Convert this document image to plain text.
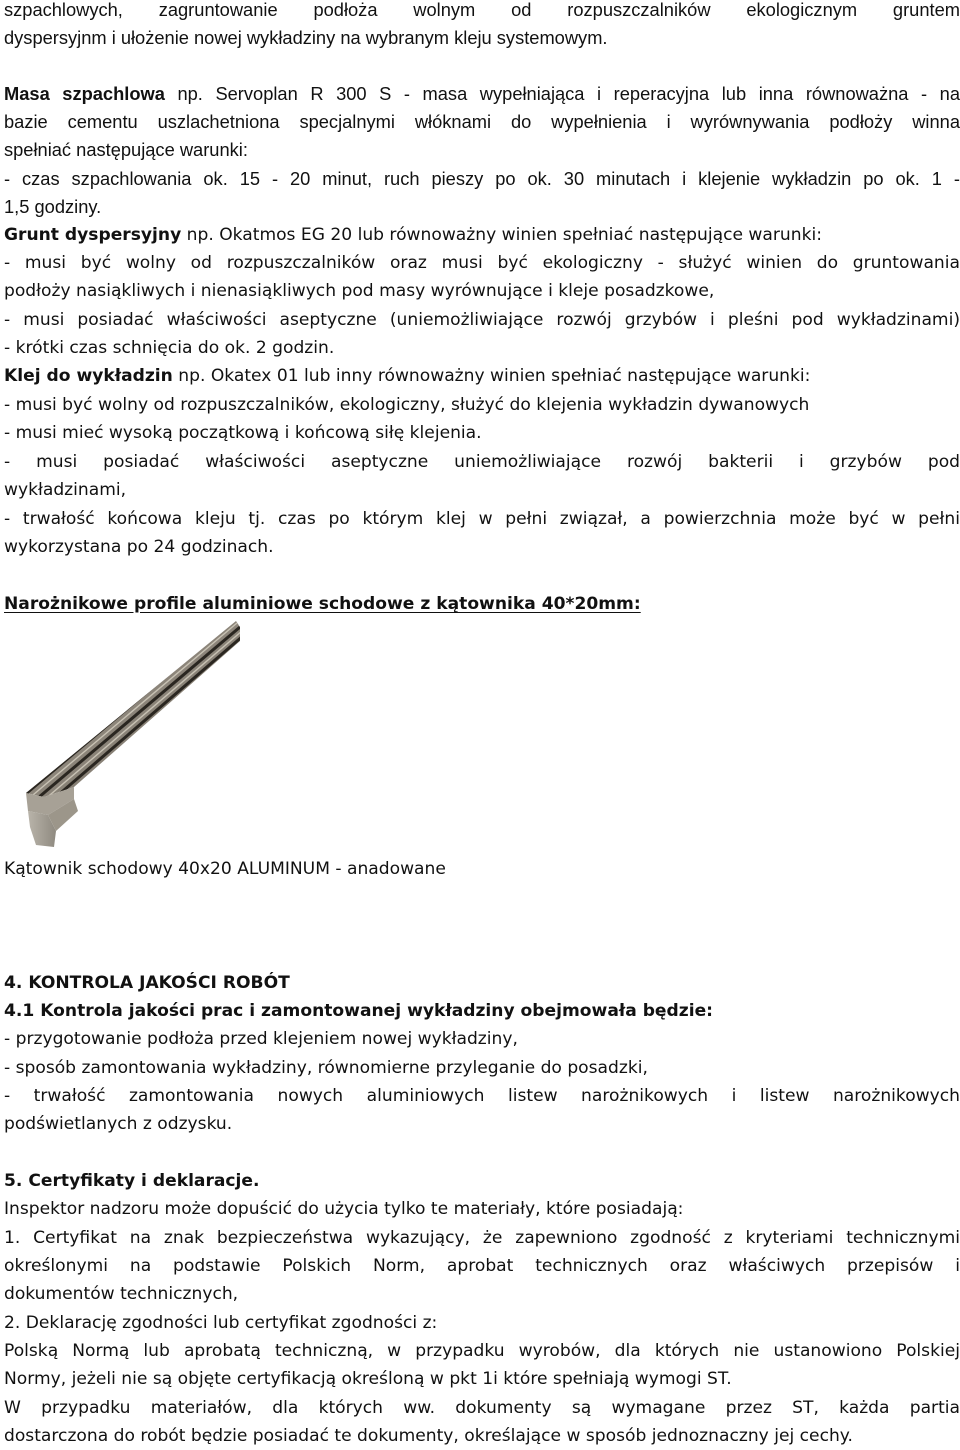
szpachlowych, zagruntowanie podłoża wolnym od rozpuszczalników ekologicznym gruntem
dyspersyjnm i ułożenie nowej wykładziny na wybranym kleju systemowym.
Masa szpachlowa np. Servoplan R 300 S - masa wypełniająca i reperacyjna lub inna równoważna - na
bazie cementu uszlachetniona specjalnymi włóknami do wypełnienia i wyrównywania podłoży winna
spełniać następujące warunki:
- czas szpachlowania ok. 15 - 20 minut, ruch pieszy po ok. 30 minutach i klejenie wykładzin po ok. 1 -
1,5 godziny.
Grunt dyspersyjny np. Okatmos EG 20 lub równoważny winien spełniać następujące warunki:
- musi być wolny od rozpuszczalników oraz musi być ekologiczny - służyć winien do gruntowania
podłoży nasiąkliwych i nienasiąkliwych pod masy wyrównujące i kleje posadzkowe,
- musi posiadać właściwości aseptyczne (uniemożliwiające rozwój grzybów i pleśni pod wykładzinami)
- krótki czas schnięcia do ok. 2 godzin.
Klej do wykładzin np. Okatex 01 lub inny równoważny winien spełniać następujące warunki:
- musi być wolny od rozpuszczalników, ekologiczny, służyć do klejenia wykładzin dywanowych
- musi mieć wysoką początkową i końcową siłę klejenia.
- musi posiadać właściwości aseptyczne uniemożliwiające rozwój bakterii i grzybów pod
wykładzinami,
- trwałość końcowa kleju tj. czas po którym klej w pełni związał, a powierzchnia może być w pełni
wykorzystana po 24 godzinach.
Narożnikowe profile aluminiowe schodowe z kątownika 40*20mm:
Kątownik schodowy 40x20 ALUMINUM - anadowane
4. KONTROLA JAKOŚCI ROBÓT
4.1 Kontrola jakości prac i zamontowanej wykładziny obejmowała będzie:
- przygotowanie podłoża przed klejeniem nowej wykładziny,
- sposób zamontowania wykładziny, równomierne przyleganie do posadzki,
- trwałość zamontowania nowych aluminiowych listew narożnikowych i listew narożnikowych
podświetlanych z odzysku.
5. Certyfikaty i deklaracje.
Inspektor nadzoru może dopuścić do użycia tylko te materiały, które posiadają:
1. Certyfikat na znak bezpieczeństwa wykazujący, że zapewniono zgodność z kryteriami technicznymi
określonymi na podstawie Polskich Norm, aprobat technicznych oraz właściwych przepisów i
dokumentów technicznych,
2. Deklarację zgodności lub certyfikat zgodności z:
Polską Normą lub aprobatą techniczną, w przypadku wyrobów, dla których nie ustanowiono Polskiej
Normy, jeżeli nie są objęte certyfikacją określoną w pkt 1i które spełniają wymogi ST.
W przypadku materiałów, dla których ww. dokumenty są wymagane przez ST, każda partia
dostarczona do robót będzie posiadać te dokumenty, określające w sposób jednoznaczny jej cechy.
